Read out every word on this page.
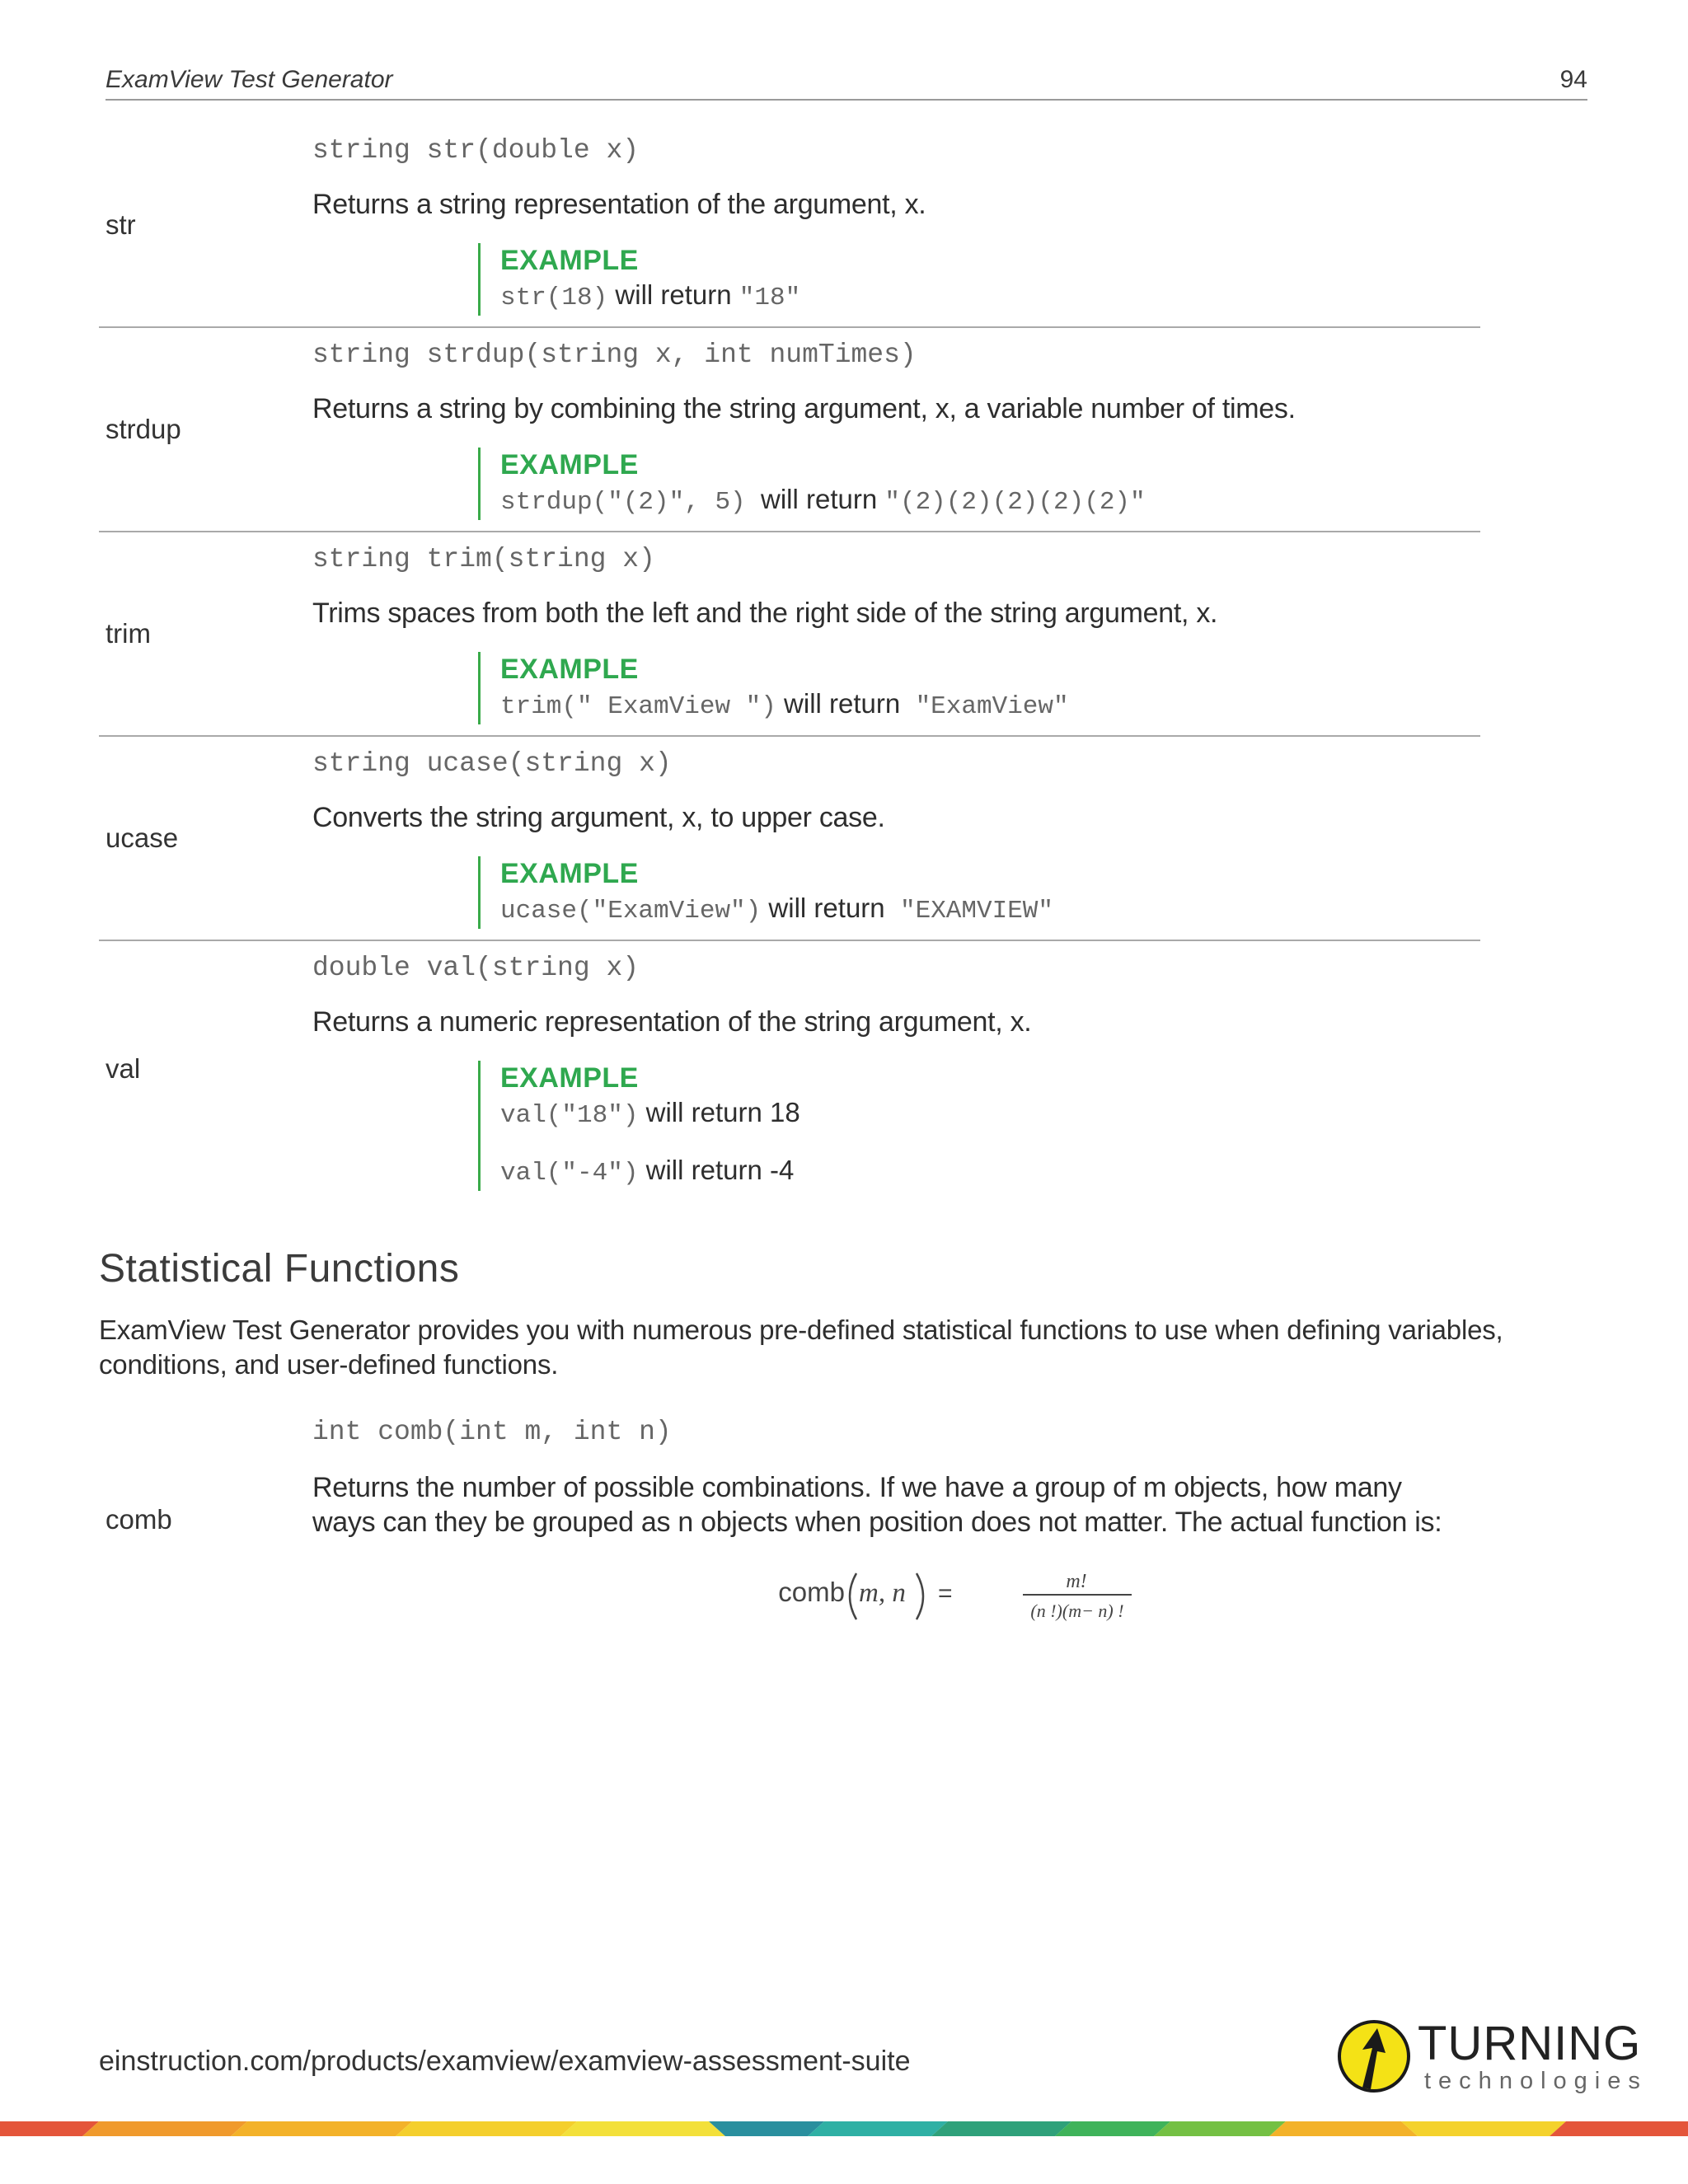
ExamView Test Generator	94
str
string str(double x)
Returns a string representation of the argument, x.
EXAMPLE
str(18) will return "18"
strdup
string strdup(string x, int numTimes)
Returns a string by combining the string argument, x, a variable number of times.
EXAMPLE
strdup("(2)", 5)  will return "(2)(2)(2)(2)(2)"
trim
string trim(string x)
Trims spaces from both the left and the right side of the string argument, x.
EXAMPLE
trim(" ExamView ") will return  "ExamView"
ucase
string ucase(string x)
Converts the string argument, x, to upper case.
EXAMPLE
ucase("ExamView") will return  "EXAMVIEW"
val
double val(string x)
Returns a numeric representation of the string argument, x.
EXAMPLE
val("18") will return 18
val("-4") will return -4
Statistical Functions
ExamView Test Generator provides you with numerous pre-defined statistical functions to use when defining variables, conditions, and user-defined functions.
comb
int comb(int m, int n)
Returns the number of possible combinations. If we have a group of m objects, how many ways can they be grouped as n objects when position does not matter. The actual function is:
comb m, n =	m!
(n !)(m− n) !
einstruction.com/products/examview/examview-assessment-suite	TURNING
technologies
